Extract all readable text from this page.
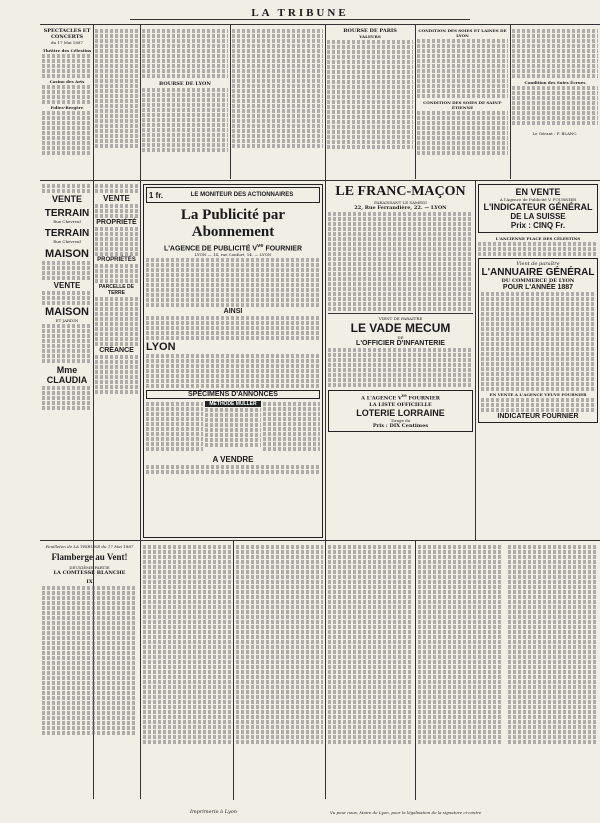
LA TRIBUNE
SPECTACLES ET CONCERTS
du 17 Mai 1887
Théâtre des Célestins
Casino des Arts
Folies-Bergère
BOURSE DE LYON
BOURSE DE PARIS
VALEURS
CONDITION DES SOIES ET LAINES DE LYON
CONDITION DES SOIES DE SAINT-ÉTIENNE
Condition des Soies Écrues
Le Gérant : F. BLANC.
VENTE
TERRAIN
Rue Chevreul
TERRAIN
Rue Chevreul
MAISON
VENTE
MAISON
ET JARDIN
Mme CLAUDIA
VENTE
PROPRIÉTÉ
PROPRIÉTÉS
PARCELLE DE TERRE
CRÉANCE
1 fr.	LE MONITEUR DES ACTIONNAIRES
La Publicité par Abonnement
L'AGENCE DE PUBLICITÉ $V^{ve}$ FOURNIER
LYON — 14, rue Confort, 14. — LYON
AINSI
LYON
SPÉCIMENS D'ANNONCES
MÉTHODE MULLER
A VENDRE
LE FRANC-MAÇON
PARAISSANT LE SAMEDI
22, Rue Ferrandière, 22. — LYON
VIENT DE PARAITRE
LE VADE MECUM
DE
L'OFFICIER D'INFANTERIE
A L'AGENCE $V^{ve}$ FOURNIER
LA LISTE OFFICIELLE
LOTERIE LORRAINE
Tirage du
Prix : DIX Centimes
EN VENTE
A l'Agence de Publicité V. FOURNIER
L'INDICATEUR GÉNÉRAL
DE LA SUISSE
Prix : CINQ Fr.
L'ANCIENNE PLACE DES CÉLESTINS
Vient de paraître
L'ANNUAIRE GÉNÉRAL
DU COMMERCE DE LYON
POUR L'ANNÉE 1887
EN VENTE A L'AGENCE VEUVE FOURNIER
INDICATEUR FOURNIER
Feuilleton de LA TRIBUNE du 17 Mai 1887
Flamberge au Vent!
DEUXIÈME PARTIE
LA COMTESSE BLANCHE
IX
Imprimerie à Lyon	Vu pour nous, Maire de Lyon, pour la légalisation de la signature ci-contre
